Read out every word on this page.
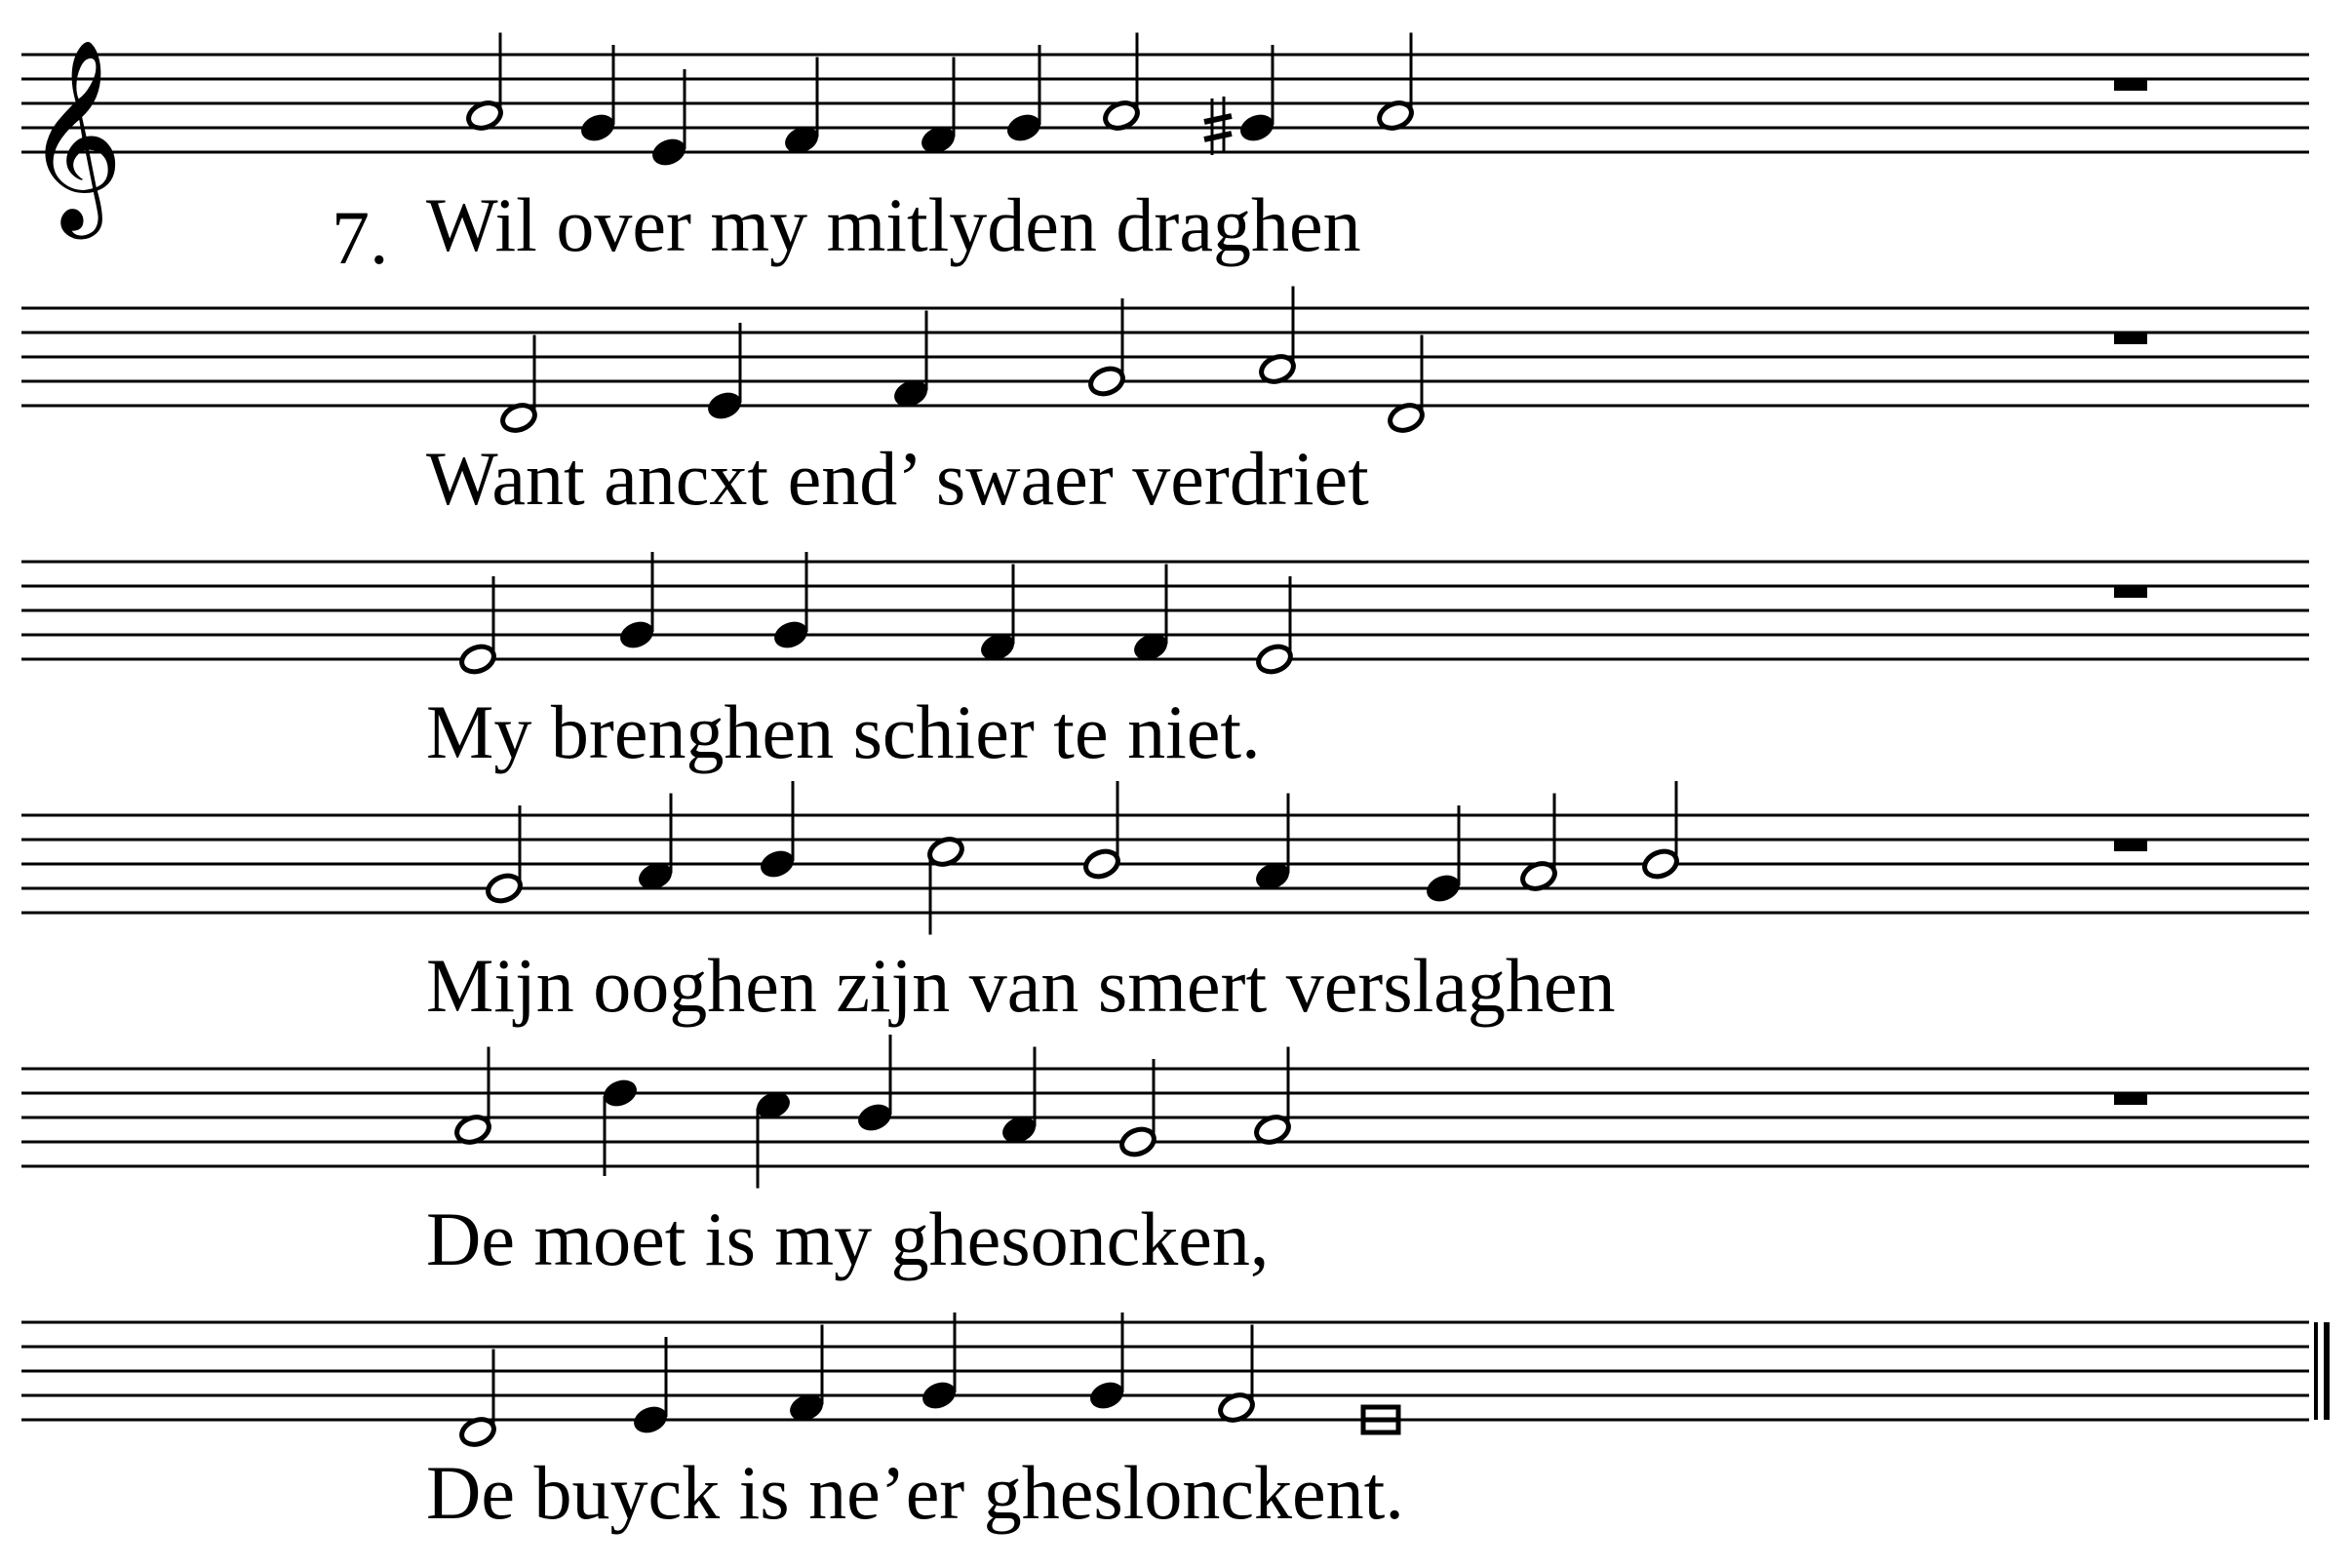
𝄞
7. Wil over my mitlyden draghen
Want ancxt end’ swaer verdriet
My brenghen schier te niet.
Mijn ooghen zijn van smert verslaghen
De moet is my ghesoncken,
De buyck is ne’er gheslonckent.
